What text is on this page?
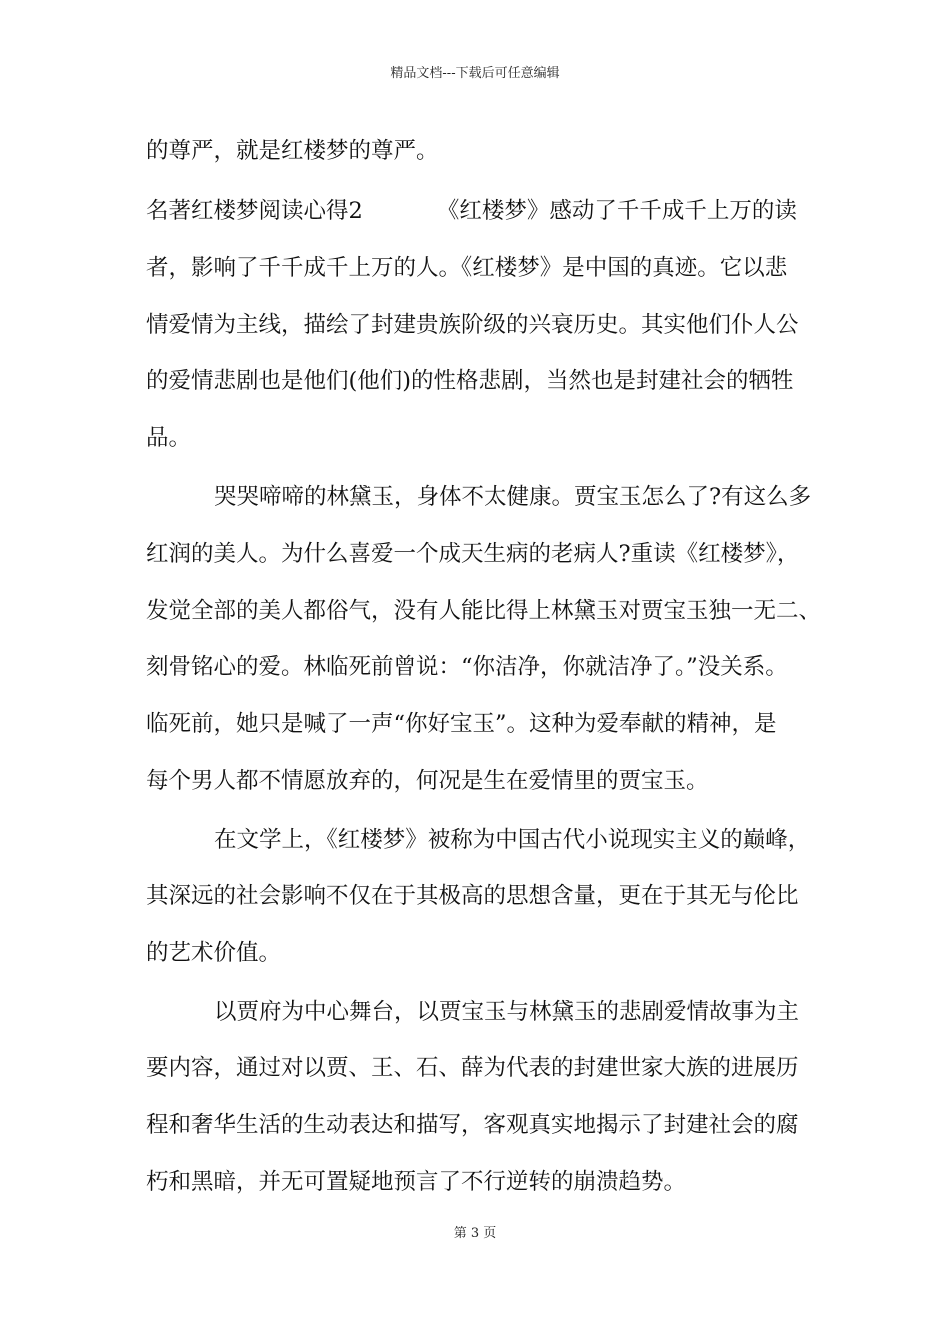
精品文档---下载后可任意编辑
的尊严，就是红楼梦的尊严。
名著红楼梦阅读心得2	《红楼梦》感动了千千成千上万的读
者，影响了千千成千上万的人。《红楼梦》是中国的真迹。它以悲
情爱情为主线，描绘了封建贵族阶级的兴衰历史。其实他们仆人公
的爱情悲剧也是他们(他们)的性格悲剧，当然也是封建社会的牺牲
品。
哭哭啼啼的林黛玉，身体不太健康。贾宝玉怎么了?有这么多
红润的美人。为什么喜爱一个成天生病的老病人?重读《红楼梦》，
发觉全部的美人都俗气，没有人能比得上林黛玉对贾宝玉独一无二、
刻骨铭心的爱。林临死前曾说：“你洁净，你就洁净了。”没关系。
临死前，她只是喊了一声“你好宝玉”。这种为爱奉献的精神，是
每个男人都不情愿放弃的，何况是生在爱情里的贾宝玉。
在文学上，《红楼梦》被称为中国古代小说现实主义的巅峰，
其深远的社会影响不仅在于其极高的思想含量，更在于其无与伦比
的艺术价值。
以贾府为中心舞台，以贾宝玉与林黛玉的悲剧爱情故事为主
要内容，通过对以贾、王、石、薛为代表的封建世家大族的进展历
程和奢华生活的生动表达和描写，客观真实地揭示了封建社会的腐
朽和黑暗，并无可置疑地预言了不行逆转的崩溃趋势。
第 3 页
